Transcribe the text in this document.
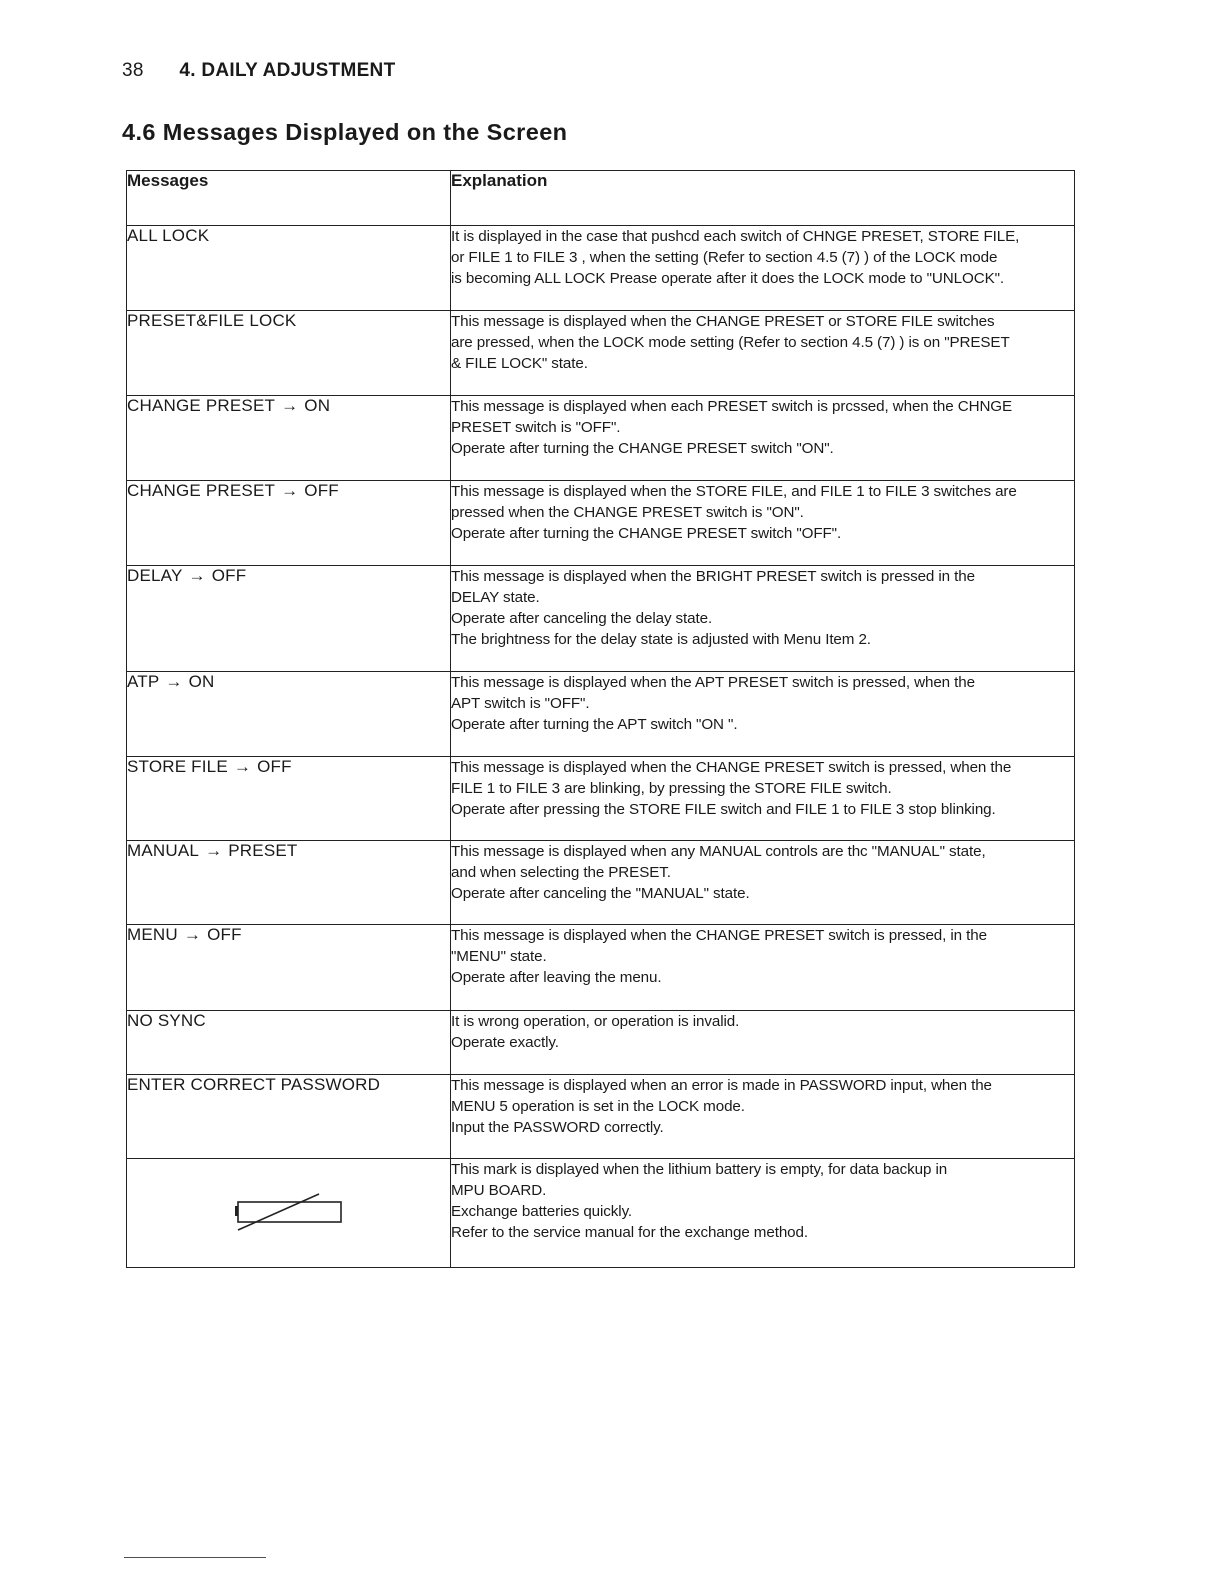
38 4. DAILY ADJUSTMENT
4.6 Messages Displayed on the Screen
Messages	Explanation
ALL LOCK	It is displayed in the case that pushcd each switch of CHNGE PRESET, STORE FILE,
or FILE 1 to FILE 3 , when the setting (Refer to section 4.5 (7) ) of the LOCK mode
is becoming ALL LOCK Prease operate after it does the LOCK mode to "UNLOCK".

PRESET&FILE LOCK	This message is displayed when the CHANGE PRESET or STORE FILE switches
are pressed, when the LOCK mode setting (Refer to section 4.5 (7) ) is on "PRESET
& FILE LOCK" state.

CHANGE PRESET → ON	This message is displayed when each PRESET switch is prcssed, when the CHNGE
PRESET switch is "OFF".
Operate after turning the CHANGE PRESET switch "ON".

CHANGE PRESET → OFF	This message is displayed when the STORE FILE, and FILE 1 to FILE 3 switches are
pressed when the CHANGE PRESET switch is "ON".
Operate after turning the CHANGE PRESET switch "OFF".

DELAY → OFF	This message is displayed when the BRIGHT PRESET switch is pressed in the
DELAY state.
Operate after canceling the delay state.
The brightness for the delay state is adjusted with Menu Item 2.

ATP → ON	This message is displayed when the APT PRESET switch is pressed, when the
APT switch is "OFF".
Operate after turning the APT switch "ON ".

STORE FILE → OFF	This message is displayed when the CHANGE PRESET switch is pressed, when the
FILE 1 to FILE 3 are blinking, by pressing the STORE FILE switch.
Operate after pressing the STORE FILE switch and FILE 1 to FILE 3 stop blinking.

MANUAL → PRESET	This message is displayed when any MANUAL controls are thc "MANUAL" state,
and when selecting the PRESET.
Operate after canceling the "MANUAL" state.

MENU → OFF	This message is displayed when the CHANGE PRESET switch is pressed, in the
"MENU" state.
Operate after leaving the menu.

NO SYNC	It is wrong operation, or operation is invalid.
Operate exactly.

ENTER CORRECT PASSWORD	This message is displayed when an error is made in PASSWORD input, when the
MENU 5 operation is set in the LOCK mode.
Input the PASSWORD correctly.

This mark is displayed when the lithium battery is empty, for data backup in
MPU BOARD.
Exchange batteries quickly.
Refer to the service manual for the exchange method.
